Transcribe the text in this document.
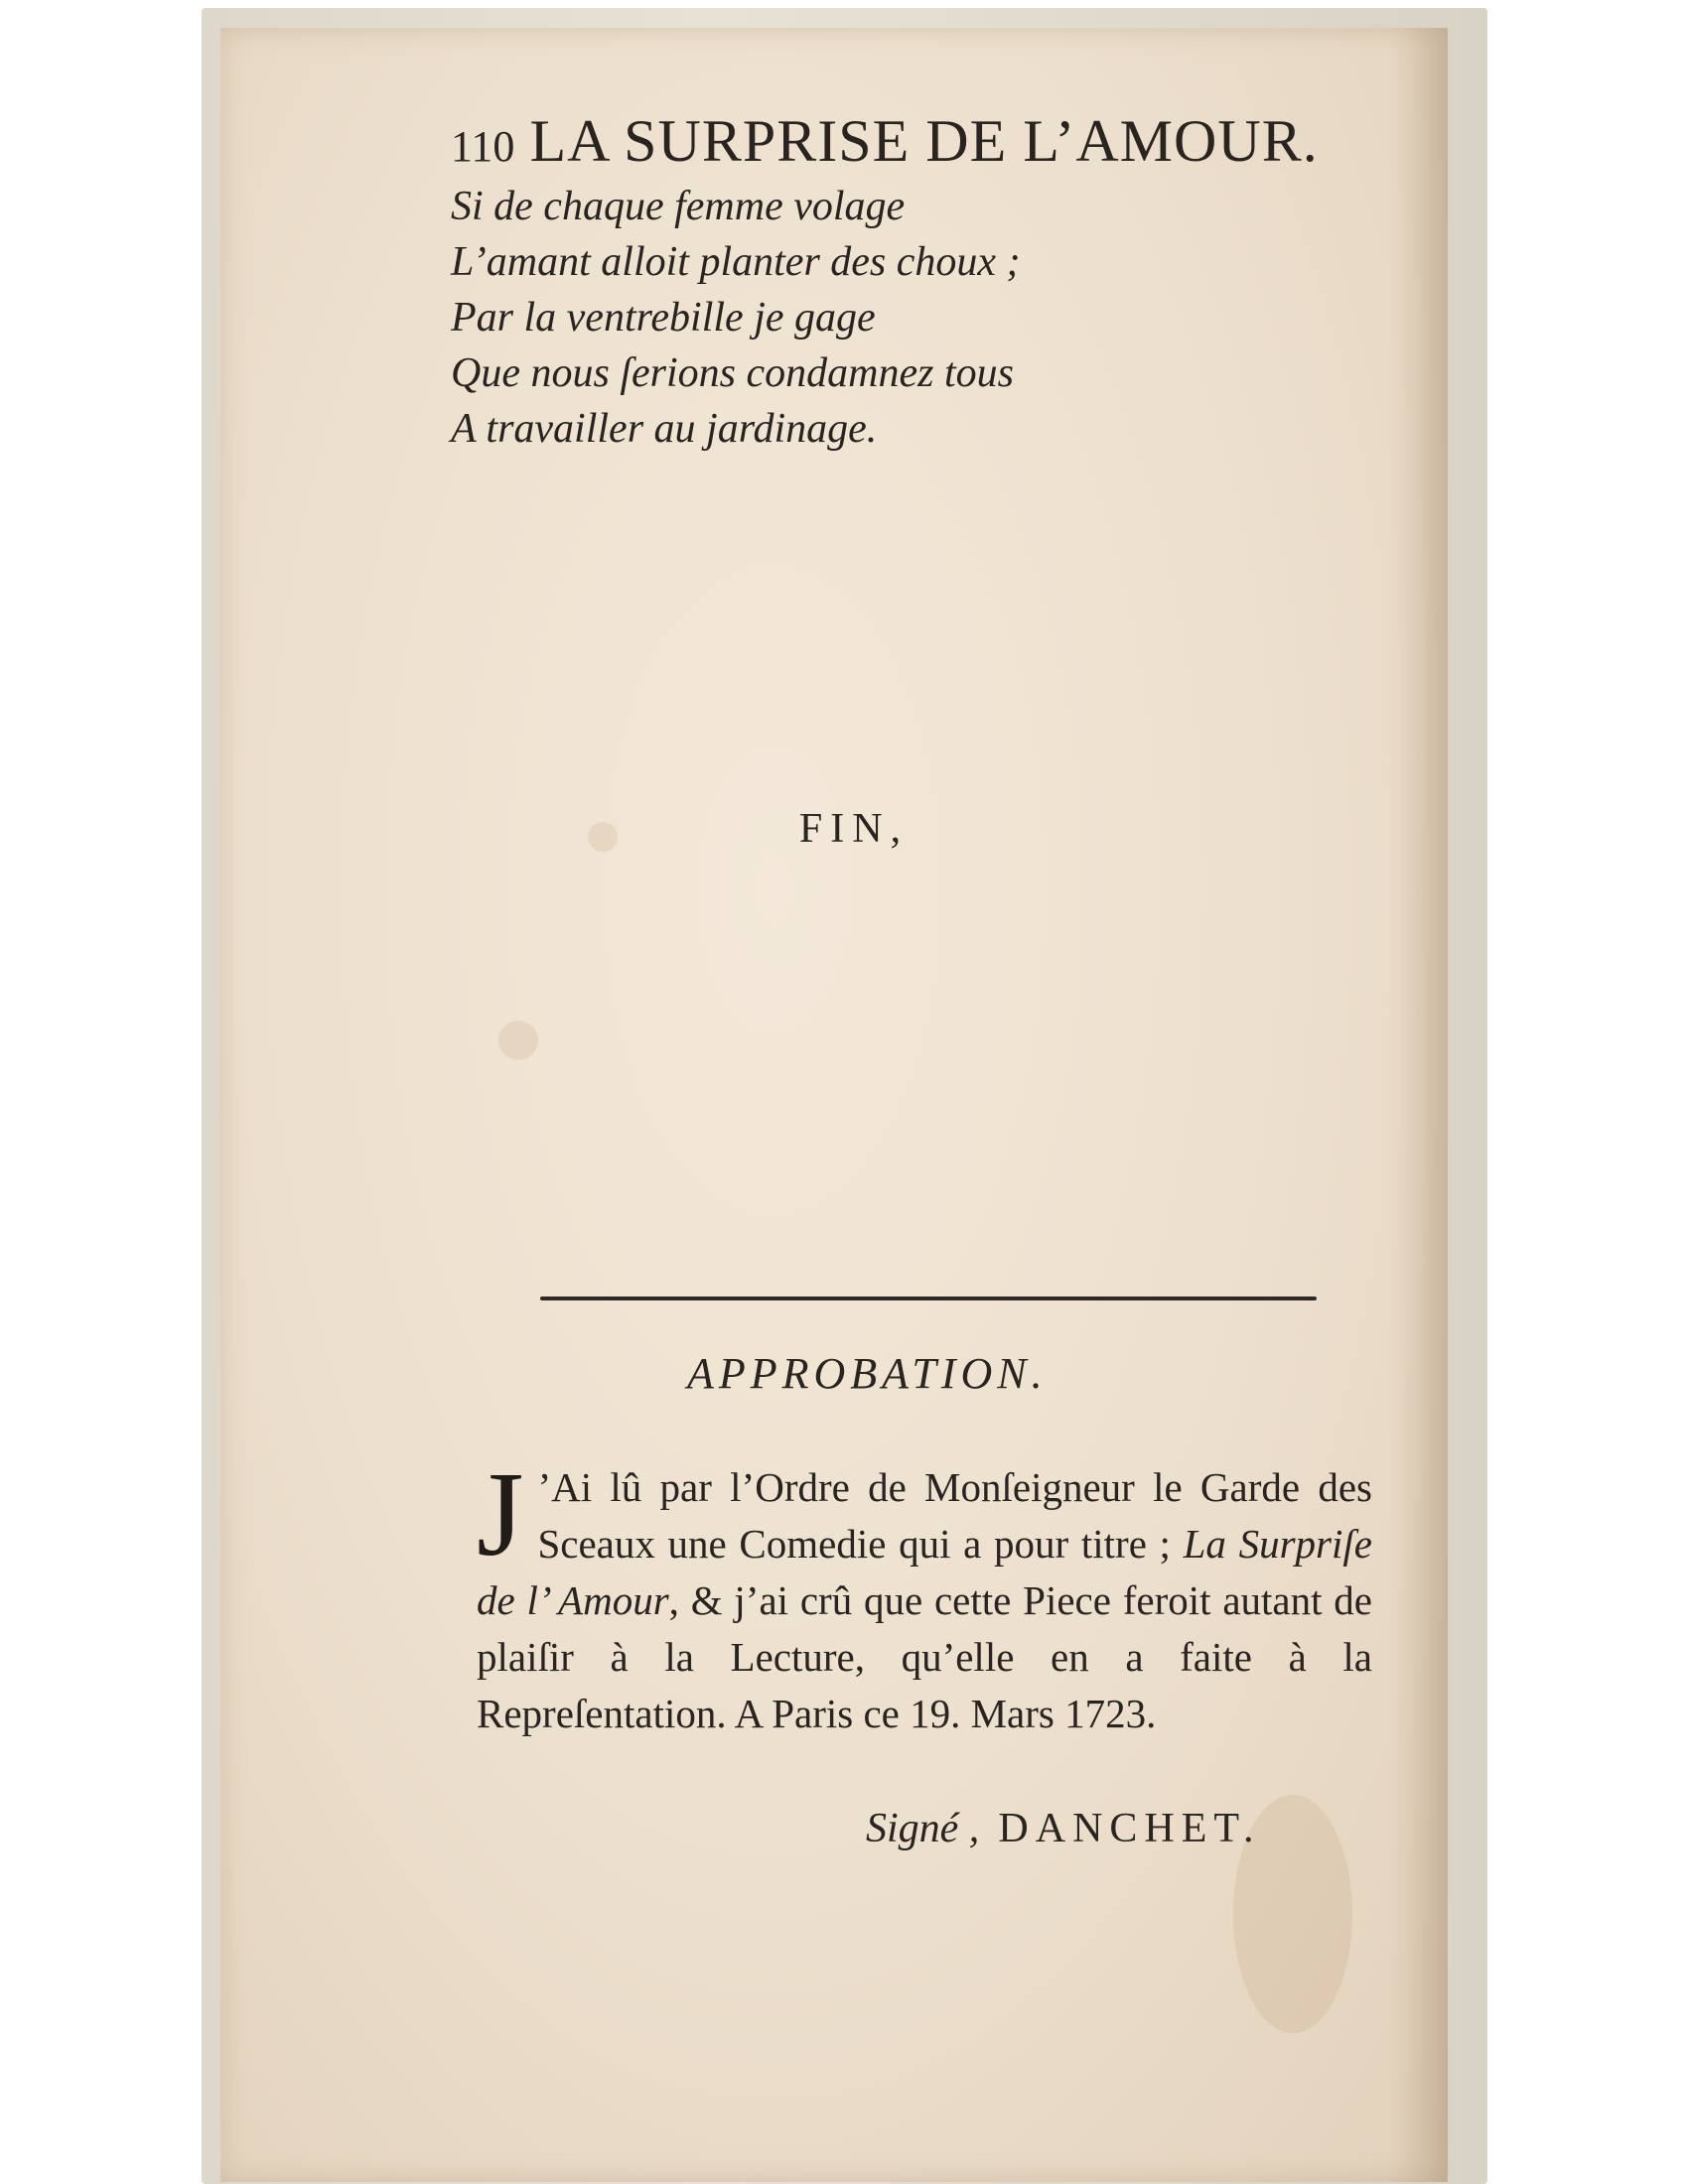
110 LA SURPRISE DE L’AMOUR.
Si de chaque femme volage
L’amant alloit planter des choux ;
Par la ventrebille je gage
Que nous ſerions condamnez tous
A travailler au jardinage.
FIN,
APPROBATION.
J ’Ai lû par l’Ordre de Monſeigneur le Garde des Sceaux une Comedie qui a pour titre ; La Surpriſe de l’ Amour, & j’ai crû que cette Piece feroit autant de plaiſir à la Lecture, qu’elle en a faite à la Repreſentation. A Paris ce 19. Mars 1723.

Signé , DANCHET.
